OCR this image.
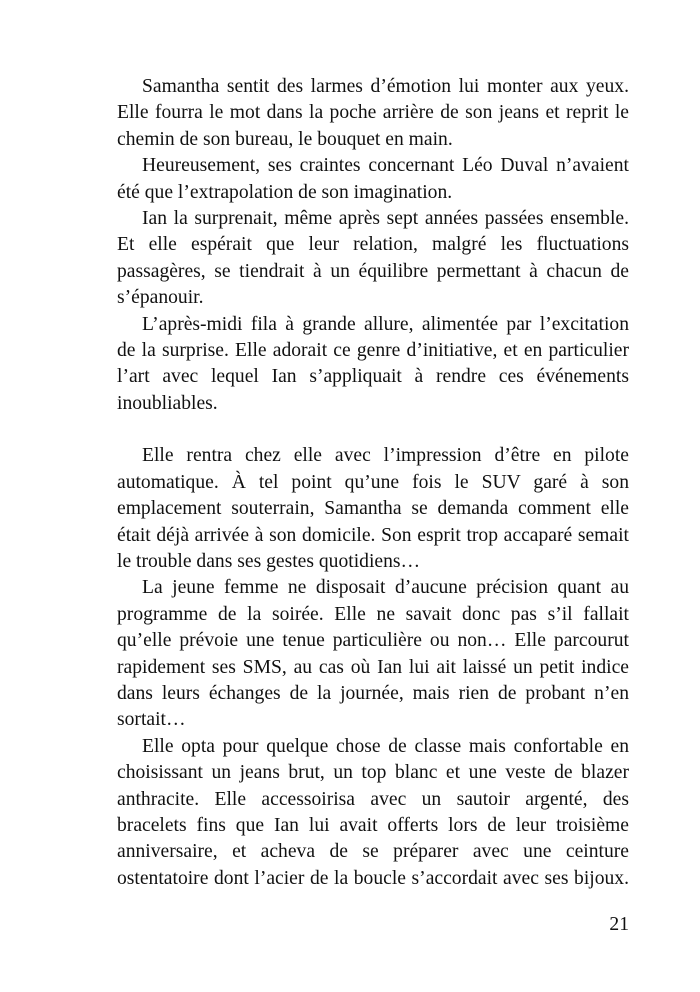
Samantha sentit des larmes d’émotion lui monter aux yeux.
Elle fourra le mot dans la poche arrière de son jeans et reprit le
chemin de son bureau, le bouquet en main.
Heureusement, ses craintes concernant Léo Duval n’avaient
été que l’extrapolation de son imagination.
Ian la surprenait, même après sept années passées ensemble.
Et elle espérait que leur relation, malgré les fluctuations
passagères, se tiendrait à un équilibre permettant à chacun de
s’épanouir.
L’après-midi fila à grande allure, alimentée par l’excitation
de la surprise. Elle adorait ce genre d’initiative, et en particulier
l’art avec lequel Ian s’appliquait à rendre ces événements
inoubliables.
Elle rentra chez elle avec l’impression d’être en pilote
automatique. À tel point qu’une fois le SUV garé à son
emplacement souterrain, Samantha se demanda comment elle
était déjà arrivée à son domicile. Son esprit trop accaparé semait
le trouble dans ses gestes quotidiens…
La jeune femme ne disposait d’aucune précision quant au
programme de la soirée. Elle ne savait donc pas s’il fallait
qu’elle prévoie une tenue particulière ou non… Elle parcourut
rapidement ses SMS, au cas où Ian lui ait laissé un petit indice
dans leurs échanges de la journée, mais rien de probant n’en
sortait…
Elle opta pour quelque chose de classe mais confortable en
choisissant un jeans brut, un top blanc et une veste de blazer
anthracite. Elle accessoirisa avec un sautoir argenté, des
bracelets fins que Ian lui avait offerts lors de leur troisième
anniversaire, et acheva de se préparer avec une ceinture
ostentatoire dont l’acier de la boucle s’accordait avec ses bijoux.
21
